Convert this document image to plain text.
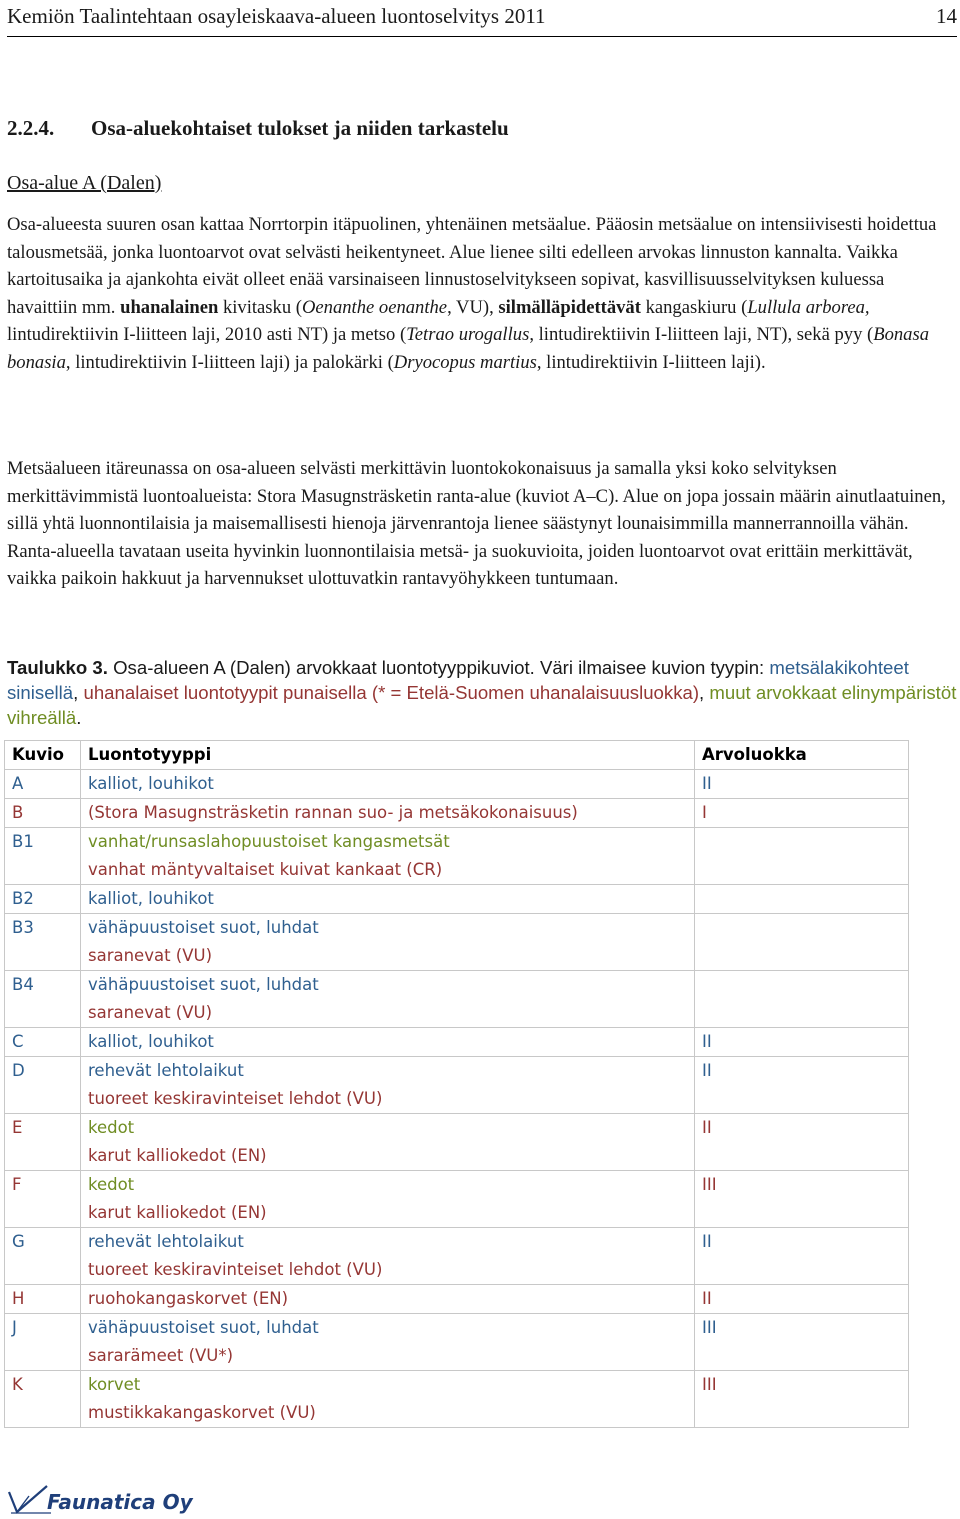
Kemiön Taalintehtaan osayleiskaava-alueen luontoselvitys 2011	14
2.2.4. Osa-aluekohtaiset tulokset ja niiden tarkastelu
Osa-alue A (Dalen)
Osa-alueesta suuren osan kattaa Norrtorpin itäpuolinen, yhtenäinen metsäalue. Pääosin metsäalue on intensiivisesti hoidettua talousmetsää, jonka luontoarvot ovat selvästi heikentyneet. Alue lienee silti edelleen arvokas linnuston kannalta. Vaikka kartoitusaika ja ajankohta eivät olleet enää varsinaiseen linnustoselvitykseen sopivat, kasvillisuusselvityksen kuluessa havaittiin mm. uhanalainen kivitasku (Oenanthe oenanthe, VU), silmälläpidettävät kangaskiuru (Lullula arborea, lintudirektiivin I-liitteen laji, 2010 asti NT) ja metso (Tetrao urogallus, lintudirektiivin I-liitteen laji, NT), sekä pyy (Bonasa bonasia, lintudirektiivin I-liitteen laji) ja palokärki (Dryocopus martius, lintudirektiivin I-liitteen laji).
Metsäalueen itäreunassa on osa-alueen selvästi merkittävin luontokokonaisuus ja samalla yksi koko selvityksen merkittävimmistä luontoalueista: Stora Masugnsträsketin ranta-alue (kuviot A–C). Alue on jopa jossain määrin ainutlaatuinen, sillä yhtä luonnontilaisia ja maisemallisesti hienoja järvenrantoja lienee säästynyt lounaisimmilla mannerrannoilla vähän. Ranta-alueella tavataan useita hyvinkin luonnontilaisia metsä- ja suokuvioita, joiden luontoarvot ovat erittäin merkittävät, vaikka paikoin hakkuut ja harvennukset ulottuvatkin rantavyöhykkeen tuntumaan.
Taulukko 3. Osa-alueen A (Dalen) arvokkaat luontotyyppikuviot. Väri ilmaisee kuvion tyypin: metsälakikohteet sinisellä, uhanalaiset luontotyypit punaisella (* = Etelä-Suomen uhanalaisuusluokka), muut arvokkaat elinympäristöt vihreällä.
Kuvio	Luontotyyppi	Arvoluokka
A	kalliot, louhikot	II
B	(Stora Masugnsträsketin rannan suo- ja metsäkokonaisuus)	I
B1	vanhat/runsaslahopuustoiset kangasmetsät
vanhat mäntyvaltaiset kuivat kankaat (CR)	

B2	kalliot, louhikot	

B3	vähäpuustoiset suot, luhdat
saranevat (VU)	

B4	vähäpuustoiset suot, luhdat
saranevat (VU)	

C	kalliot, louhikot	II
D	rehevät lehtolaikut
tuoreet keskiravinteiset lehdot (VU)	II
E	kedot
karut kalliokedot (EN)	II
F	kedot
karut kalliokedot (EN)	III
G	rehevät lehtolaikut
tuoreet keskiravinteiset lehdot (VU)	II
H	ruohokangaskorvet (EN)	II
J	vähäpuustoiset suot, luhdat
sararämeet (VU*)	III
K	korvet
mustikkakangaskorvet (VU)	III
Faunatica Oy
